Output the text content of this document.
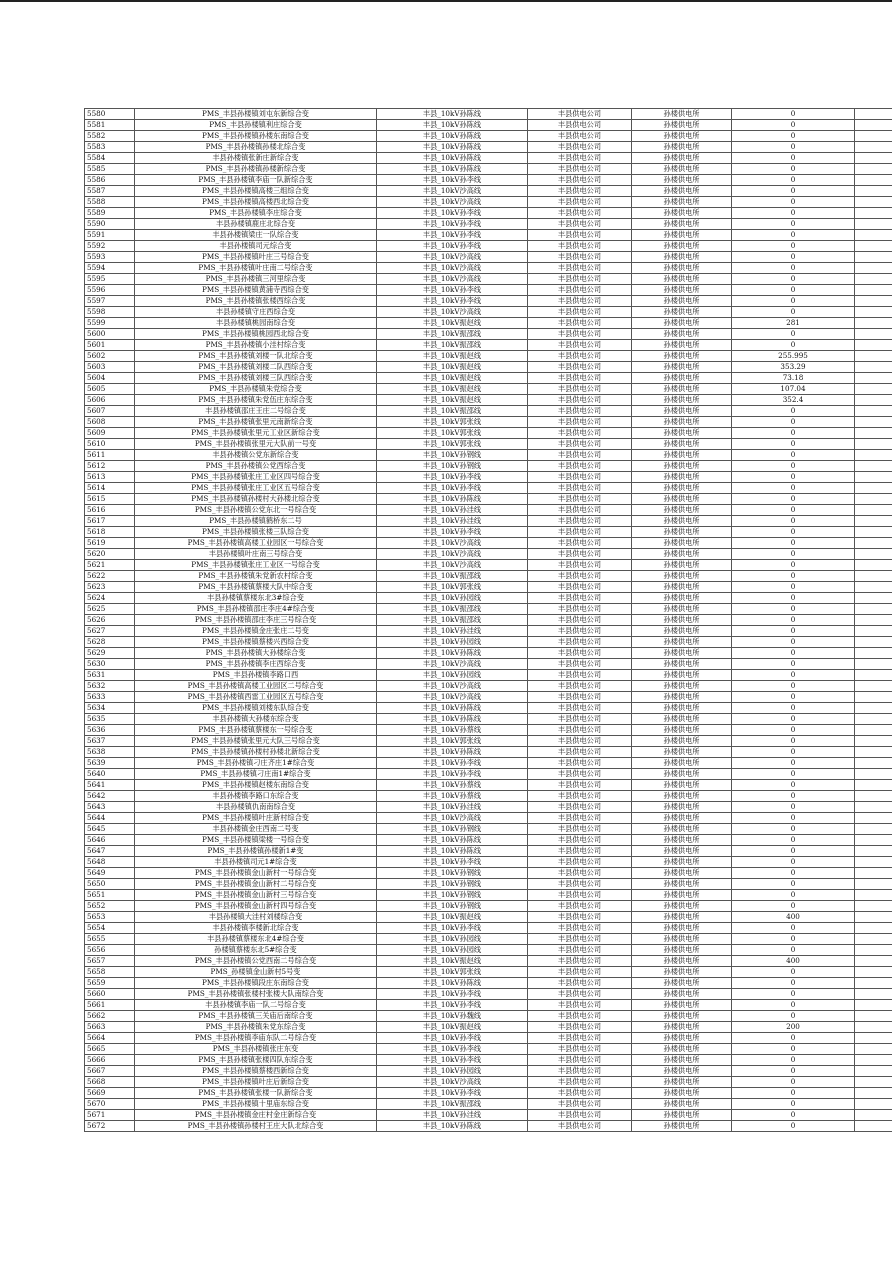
5580	PMS_丰县孙楼镇刘屯东新综合变	丰县_10kV孙陈线	丰县供电公司	孙楼供电所	0	
5581	PMS_丰县孙楼镇利庄综合变	丰县_10kV孙陈线	丰县供电公司	孙楼供电所	0	
5582	PMS_丰县孙楼镇孙楼东南综合变	丰县_10kV孙陈线	丰县供电公司	孙楼供电所	0	
5583	PMS_丰县孙楼镇孙楼北综合变	丰县_10kV孙陈线	丰县供电公司	孙楼供电所	0	
5584	丰县孙楼镇张新庄新综合变	丰县_10kV孙陈线	丰县供电公司	孙楼供电所	0	
5585	PMS_丰县孙楼镇孙楼新综合变	丰县_10kV孙陈线	丰县供电公司	孙楼供电所	0	
5586	PMS_丰县孙楼镇李庙一队新综合变	丰县_10kV孙李线	丰县供电公司	孙楼供电所	0	
5587	PMS_丰县孙楼镇高楼三组综合变	丰县_10kV沙高线	丰县供电公司	孙楼供电所	0	
5588	PMS_丰县孙楼镇高楼西北综合变	丰县_10kV沙高线	丰县供电公司	孙楼供电所	0	
5589	PMS_丰县孙楼镇李庄综合变	丰县_10kV孙李线	丰县供电公司	孙楼供电所	0	
5590	丰县孙楼镇鹿庄北综合变	丰县_10kV孙李线	丰县供电公司	孙楼供电所	0	
5591	丰县孙楼镇梁庄一队综合变	丰县_10kV孙李线	丰县供电公司	孙楼供电所	0	
5592	丰县孙楼镇司元综合变	丰县_10kV孙李线	丰县供电公司	孙楼供电所	0	
5593	PMS_丰县孙楼镇叶庄三号综合变	丰县_10kV沙高线	丰县供电公司	孙楼供电所	0	
5594	PMS_丰县孙楼镇叶庄南二号综合变	丰县_10kV沙高线	丰县供电公司	孙楼供电所	0	
5595	PMS_丰县孙楼镇三河里综合变	丰县_10kV沙高线	丰县供电公司	孙楼供电所	0	
5596	PMS_丰县孙楼镇黄浦寺西综合变	丰县_10kV孙李线	丰县供电公司	孙楼供电所	0	
5597	PMS_丰县孙楼镇张楼西综合变	丰县_10kV孙李线	丰县供电公司	孙楼供电所	0	
5598	丰县孙楼镇守庄西综合变	丰县_10kV沙高线	丰县供电公司	孙楼供电所	0	
5599	丰县孙楼镇桃园南综合变	丰县_10kV振赵线	丰县供电公司	孙楼供电所	281	
5600	PMS_丰县孙楼镇桃园西北综合变	丰县_10kV振邵线	丰县供电公司	孙楼供电所	0	
5601	PMS_丰县孙楼镇小洼村综合变	丰县_10kV振邵线	丰县供电公司	孙楼供电所	0	
5602	PMS_丰县孙楼镇刘楼一队北综合变	丰县_10kV振赵线	丰县供电公司	孙楼供电所	255.995	
5603	PMS_丰县孙楼镇刘楼二队西综合变	丰县_10kV振赵线	丰县供电公司	孙楼供电所	353.29	
5604	PMS_丰县孙楼镇刘楼三队西综合变	丰县_10kV振赵线	丰县供电公司	孙楼供电所	73.18	
5605	PMS_丰县孙楼镇朱党综合变	丰县_10kV振赵线	丰县供电公司	孙楼供电所	107.04	
5606	PMS_丰县孙楼镇朱党伍庄东综合变	丰县_10kV振赵线	丰县供电公司	孙楼供电所	352.4	
5607	丰县孙楼镇邵庄王庄二号综合变	丰县_10kV振邵线	丰县供电公司	孙楼供电所	0	
5608	PMS_丰县孙楼镇张里元南新综合变	丰县_10kV郭张线	丰县供电公司	孙楼供电所	0	
5609	PMS_丰县孙楼镇张里元工业区新综合变	丰县_10kV郭张线	丰县供电公司	孙楼供电所	0	
5610	PMS_丰县孙楼镇张里元大队前一号变	丰县_10kV郭张线	丰县供电公司	孙楼供电所	0	
5611	丰县孙楼镇公党东新综合变	丰县_10kV孙钢线	丰县供电公司	孙楼供电所	0	
5612	PMS_丰县孙楼镇公党西综合变	丰县_10kV孙钢线	丰县供电公司	孙楼供电所	0	
5613	PMS_丰县孙楼镇张庄工业区四号综合变	丰县_10kV孙李线	丰县供电公司	孙楼供电所	0	
5614	PMS_丰县孙楼镇张庄工业区五号综合变	丰县_10kV孙李线	丰县供电公司	孙楼供电所	0	
5615	PMS_丰县孙楼镇孙楼村大孙楼北综合变	丰县_10kV孙陈线	丰县供电公司	孙楼供电所	0	
5616	PMS_丰县孙楼镇公党东北一号综合变	丰县_10kV孙洼线	丰县供电公司	孙楼供电所	0	
5617	PMS_丰县孙楼镇鹤桥东二号	丰县_10kV孙洼线	丰县供电公司	孙楼供电所	0	
5618	PMS_丰县孙楼镇张楼三队综合变	丰县_10kV孙李线	丰县供电公司	孙楼供电所	0	
5619	PMS_丰县孙楼镇高楼工业园区一号综合变	丰县_10kV沙高线	丰县供电公司	孙楼供电所	0	
5620	丰县孙楼镇叶庄南三号综合变	丰县_10kV沙高线	丰县供电公司	孙楼供电所	0	
5621	PMS_丰县孙楼镇张庄工业区一号综合变	丰县_10kV沙高线	丰县供电公司	孙楼供电所	0	
5622	PMS_丰县孙楼镇朱党新农村综合变	丰县_10kV振邵线	丰县供电公司	孙楼供电所	0	
5623	PMS_丰县孙楼镇蔡楼大队中综合变	丰县_10kV郭张线	丰县供电公司	孙楼供电所	0	
5624	丰县孙楼镇蔡楼东北3#综合变	丰县_10kV孙园线	丰县供电公司	孙楼供电所	0	
5625	PMS_丰县孙楼镇邵庄李庄4#综合变	丰县_10kV振邵线	丰县供电公司	孙楼供电所	0	
5626	PMS_丰县孙楼镇邵庄李庄三号综合变	丰县_10kV振邵线	丰县供电公司	孙楼供电所	0	
5627	PMS_丰县孙楼镇金庄张庄二号变	丰县_10kV孙洼线	丰县供电公司	孙楼供电所	0	
5628	PMS_丰县孙楼镇蔡楼兴西综合变	丰县_10kV孙园线	丰县供电公司	孙楼供电所	0	
5629	PMS_丰县孙楼镇大孙楼综合变	丰县_10kV孙陈线	丰县供电公司	孙楼供电所	0	
5630	PMS_丰县孙楼镇李庄西综合变	丰县_10kV沙高线	丰县供电公司	孙楼供电所	0	
5631	PMS_丰县孙楼镇李路口西	丰县_10kV孙园线	丰县供电公司	孙楼供电所	0	
5632	PMS_丰县孙楼镇高楼工业园区二号综合变	丰县_10kV沙高线	丰县供电公司	孙楼供电所	0	
5633	PMS_丰县孙楼镇西雷工业园区五号综合变	丰县_10kV沙高线	丰县供电公司	孙楼供电所	0	
5634	PMS_丰县孙楼镇刘楼东队综合变	丰县_10kV孙陈线	丰县供电公司	孙楼供电所	0	
5635	丰县孙楼镇大孙楼东综合变	丰县_10kV孙陈线	丰县供电公司	孙楼供电所	0	
5636	PMS_丰县孙楼镇蔡楼东一号综合变	丰县_10kV孙蔡线	丰县供电公司	孙楼供电所	0	
5637	PMS_丰县孙楼镇张里元大队三号综合变	丰县_10kV郭张线	丰县供电公司	孙楼供电所	0	
5638	PMS_丰县孙楼镇孙楼村孙楼北新综合变	丰县_10kV孙陈线	丰县供电公司	孙楼供电所	0	
5639	PMS_丰县孙楼镇刁庄齐庄1#综合变	丰县_10kV孙李线	丰县供电公司	孙楼供电所	0	
5640	PMS_丰县孙楼镇刁庄南1#综合变	丰县_10kV孙李线	丰县供电公司	孙楼供电所	0	
5641	PMS_丰县孙楼镇赵楼东南综合变	丰县_10kV孙蔡线	丰县供电公司	孙楼供电所	0	
5642	丰县孙楼镇李路口东综合变	丰县_10kV孙蔡线	丰县供电公司	孙楼供电所	0	
5643	丰县孙楼镇仇南南综合变	丰县_10kV孙洼线	丰县供电公司	孙楼供电所	0	
5644	PMS_丰县孙楼镇叶庄新村综合变	丰县_10kV沙高线	丰县供电公司	孙楼供电所	0	
5645	丰县孙楼镇金庄西南二号变	丰县_10kV孙钢线	丰县供电公司	孙楼供电所	0	
5646	PMS_丰县孙楼镇梁楼一号综合变	丰县_10kV孙陈线	丰县供电公司	孙楼供电所	0	
5647	PMS_丰县孙楼镇孙楼新1#变	丰县_10kV孙陈线	丰县供电公司	孙楼供电所	0	
5648	丰县孙楼镇司元1#综合变	丰县_10kV孙李线	丰县供电公司	孙楼供电所	0	
5649	PMS_丰县孙楼镇金山新村一号综合变	丰县_10kV孙钢线	丰县供电公司	孙楼供电所	0	
5650	PMS_丰县孙楼镇金山新村二号综合变	丰县_10kV孙钢线	丰县供电公司	孙楼供电所	0	
5651	PMS_丰县孙楼镇金山新村三号综合变	丰县_10kV孙钢线	丰县供电公司	孙楼供电所	0	
5652	PMS_丰县孙楼镇金山新村四号综合变	丰县_10kV孙钢线	丰县供电公司	孙楼供电所	0	
5653	丰县孙楼镇大洼村刘楼综合变	丰县_10kV振赵线	丰县供电公司	孙楼供电所	400	
5654	丰县孙楼镇李楼新北综合变	丰县_10kV孙李线	丰县供电公司	孙楼供电所	0	
5655	丰县孙楼镇蔡楼东北4#综合变	丰县_10kV孙园线	丰县供电公司	孙楼供电所	0	
5656	孙楼镇蔡楼东北5#综合变	丰县_10kV孙园线	丰县供电公司	孙楼供电所	0	
5657	PMS_丰县孙楼镇公党西南二号综合变	丰县_10kV振赵线	丰县供电公司	孙楼供电所	400	
5658	PMS_孙楼镇金山新村5号变	丰县_10kV郭张线	丰县供电公司	孙楼供电所	0	
5659	PMS_丰县孙楼镇段庄东南综合变	丰县_10kV孙陈线	丰县供电公司	孙楼供电所	0	
5660	PMS_丰县孙楼镇张楼村张楼大队南综合变	丰县_10kV孙李线	丰县供电公司	孙楼供电所	0	
5661	丰县孙楼镇李庙一队二号综合变	丰县_10kV孙李线	丰县供电公司	孙楼供电所	0	
5662	PMS_丰县孙楼镇三关庙后南综合变	丰县_10kV孙魏线	丰县供电公司	孙楼供电所	0	
5663	PMS_丰县孙楼镇朱党东综合变	丰县_10kV振赵线	丰县供电公司	孙楼供电所	200	
5664	PMS_丰县孙楼镇李庙东队二号综合变	丰县_10kV孙李线	丰县供电公司	孙楼供电所	0	
5665	PMS_丰县孙楼镇张庄东变	丰县_10kV孙李线	丰县供电公司	孙楼供电所	0	
5666	PMS_丰县孙楼镇张楼四队东综合变	丰县_10kV孙李线	丰县供电公司	孙楼供电所	0	
5667	PMS_丰县孙楼镇蔡楼西新综合变	丰县_10kV孙园线	丰县供电公司	孙楼供电所	0	
5668	PMS_丰县孙楼镇叶庄后新综合变	丰县_10kV沙高线	丰县供电公司	孙楼供电所	0	
5669	PMS_丰县孙楼镇张楼一队新综合变	丰县_10kV孙李线	丰县供电公司	孙楼供电所	0	
5670	PMS_丰县孙楼镇十里庙东综合变	丰县_10kV振邵线	丰县供电公司	孙楼供电所	0	
5671	PMS_丰县孙楼镇金庄村金庄新综合变	丰县_10kV孙洼线	丰县供电公司	孙楼供电所	0	
5672	PMS_丰县孙楼镇孙楼村王庄大队北综合变	丰县_10kV孙陈线	丰县供电公司	孙楼供电所	0	
